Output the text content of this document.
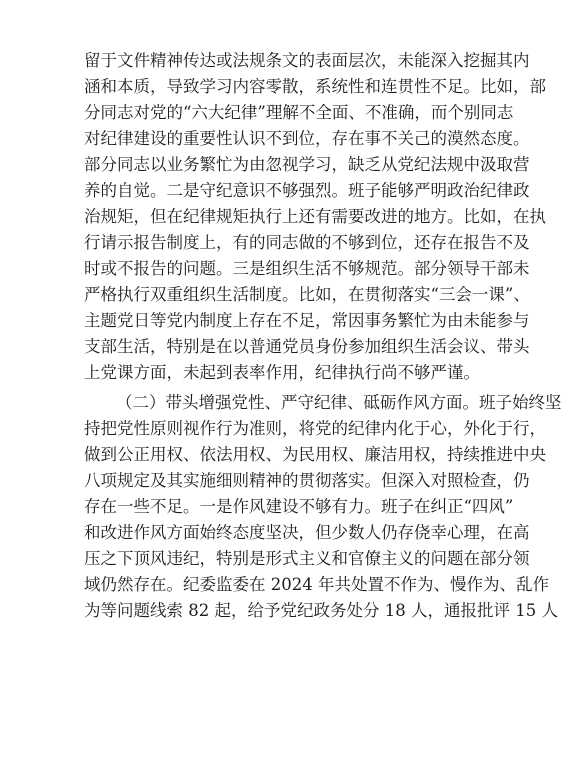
留于文件精神传达或法规条文的表面层次，未能深入挖掘其内
涵和本质，导致学习内容零散，系统性和连贯性不足。比如，部
分同志对党的“六大纪律”理解不全面、不准确，而个别同志
对纪律建设的重要性认识不到位，存在事不关己的漠然态度。
部分同志以业务繁忙为由忽视学习，缺乏从党纪法规中汲取营
养的自觉。二是守纪意识不够强烈。班子能够严明政治纪律政
治规矩，但在纪律规矩执行上还有需要改进的地方。比如，在执
行请示报告制度上，有的同志做的不够到位，还存在报告不及
时或不报告的问题。三是组织生活不够规范。部分领导干部未
严格执行双重组织生活制度。比如，在贯彻落实“三会一课”、
主题党日等党内制度上存在不足，常因事务繁忙为由未能参与
支部生活，特别是在以普通党员身份参加组织生活会议、带头
上党课方面，未起到表率作用，纪律执行尚不够严谨。
（二）带头增强党性、严守纪律、砥砺作风方面。班子始终坚
持把党性原则视作行为准则，将党的纪律内化于心，外化于行，
做到公正用权、依法用权、为民用权、廉洁用权，持续推进中央
八项规定及其实施细则精神的贯彻落实。但深入对照检查，仍
存在一些不足。一是作风建设不够有力。班子在纠正“四风”
和改进作风方面始终态度坚决，但少数人仍存侥幸心理，在高
压之下顶风违纪，特别是形式主义和官僚主义的问题在部分领
域仍然存在。纪委监委在 2024 年共处置不作为、慢作为、乱作
为等问题线索 82 起，给予党纪政务处分 18 人，通报批评 15 人
